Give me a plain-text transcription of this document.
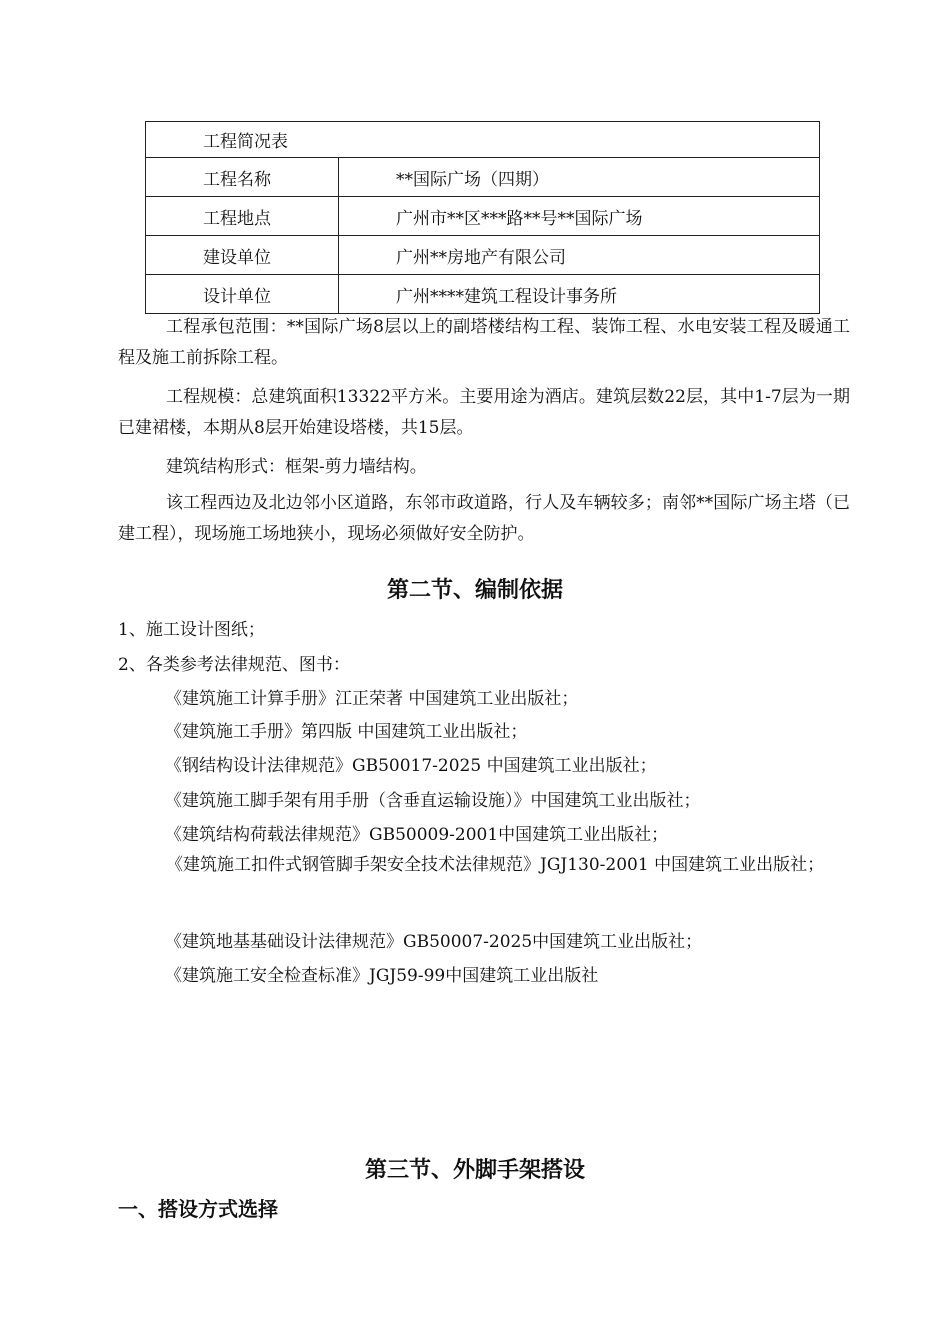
工程简况表	
工程名称	**国际广场（四期）
工程地点	广州市**区***路**号**国际广场
建设单位	广州**房地产有限公司
设计单位	广州****建筑工程设计事务所
工程承包范围：**国际广场8层以上的副塔楼结构工程、装饰工程、水电安装工程及暖通工程及施工前拆除工程。
工程规模：总建筑面积13322平方米。主要用途为酒店。建筑层数22层，其中1-7层为一期已建裙楼，本期从8层开始建设塔楼，共15层。
建筑结构形式：框架-剪力墙结构。
该工程西边及北边邻小区道路，东邻市政道路，行人及车辆较多；南邻**国际广场主塔（已建工程），现场施工场地狭小，现场必须做好安全防护。
第二节、编制依据
1、施工设计图纸；
2、各类参考法律规范、图书：
《建筑施工计算手册》江正荣著 中国建筑工业出版社；
《建筑施工手册》第四版 中国建筑工业出版社；
《钢结构设计法律规范》GB50017-2025 中国建筑工业出版社；
《建筑施工脚手架有用手册（含垂直运输设施）》中国建筑工业出版社；
《建筑结构荷载法律规范》GB50009-2001中国建筑工业出版社；
《建筑施工扣件式钢管脚手架安全技术法律规范》JGJ130-2001 中国建筑工业出版社；
《建筑地基基础设计法律规范》GB50007-2025中国建筑工业出版社；
《建筑施工安全检查标准》JGJ59-99中国建筑工业出版社
第三节、外脚手架搭设
一、搭设方式选择
